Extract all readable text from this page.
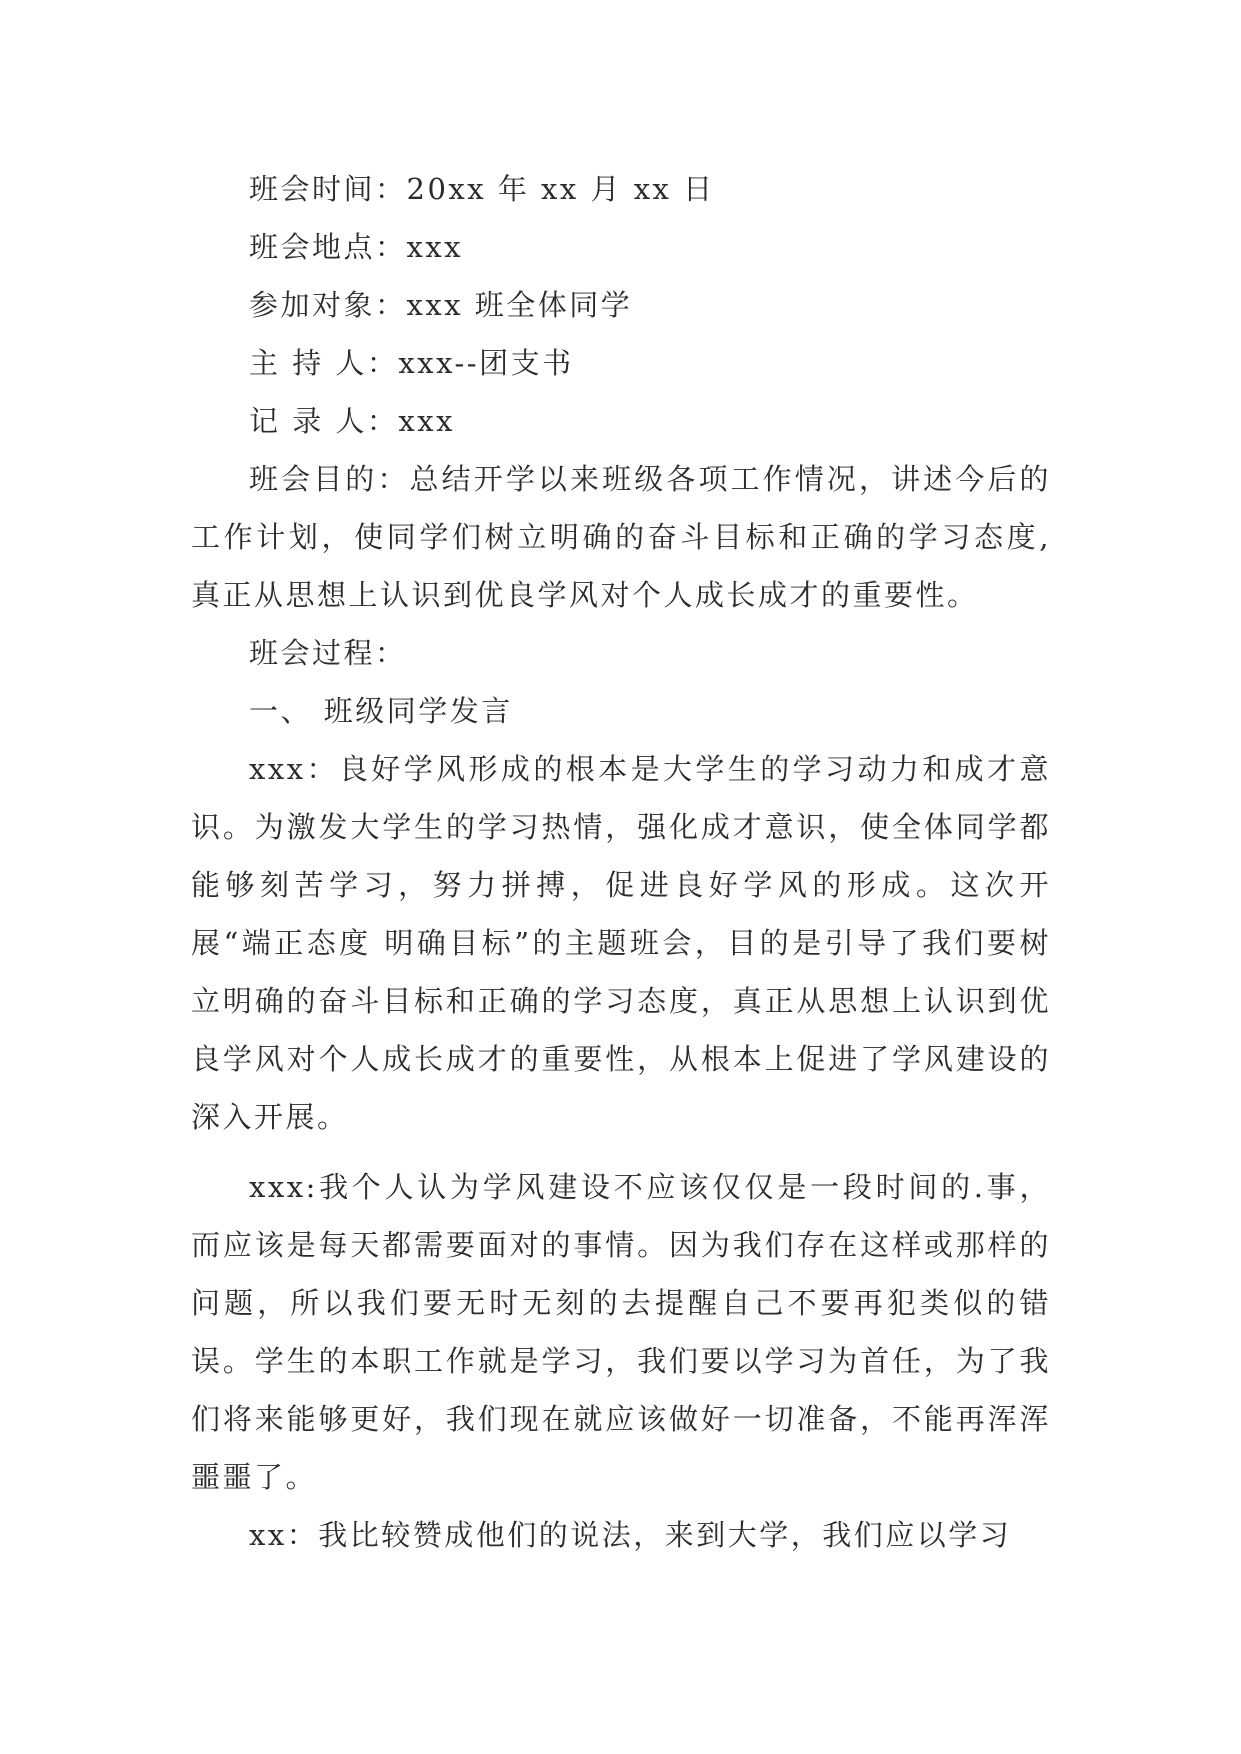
班会时间：20xx 年 xx 月 xx 日

班会地点：xxx

参加对象：xxx 班全体同学

主 持 人：xxx--团支书

记 录 人：xxx

班会目的：总结开学以来班级各项工作情况，讲述今后的工作计划，使同学们树立明确的奋斗目标和正确的学习态度,真正从思想上认识到优良学风对个人成长成才的重要性。

班会过程：

一、 班级同学发言

xxx：良好学风形成的根本是大学生的学习动力和成才意识。为激发大学生的学习热情，强化成才意识，使全体同学都能够刻苦学习，努力拼搏，促进良好学风的形成。这次开展“端正态度 明确目标”的主题班会，目的是引导了我们要树立明确的奋斗目标和正确的学习态度，真正从思想上认识到优良学风对个人成长成才的重要性，从根本上促进了学风建设的深入开展。

xxx:我个人认为学风建设不应该仅仅是一段时间的.事，而应该是每天都需要面对的事情。因为我们存在这样或那样的问题，所以我们要无时无刻的去提醒自己不要再犯类似的错误。学生的本职工作就是学习，我们要以学习为首任，为了我们将来能够更好，我们现在就应该做好一切准备，不能再浑浑噩噩了。

xx：我比较赞成他们的说法，来到大学，我们应以学习
